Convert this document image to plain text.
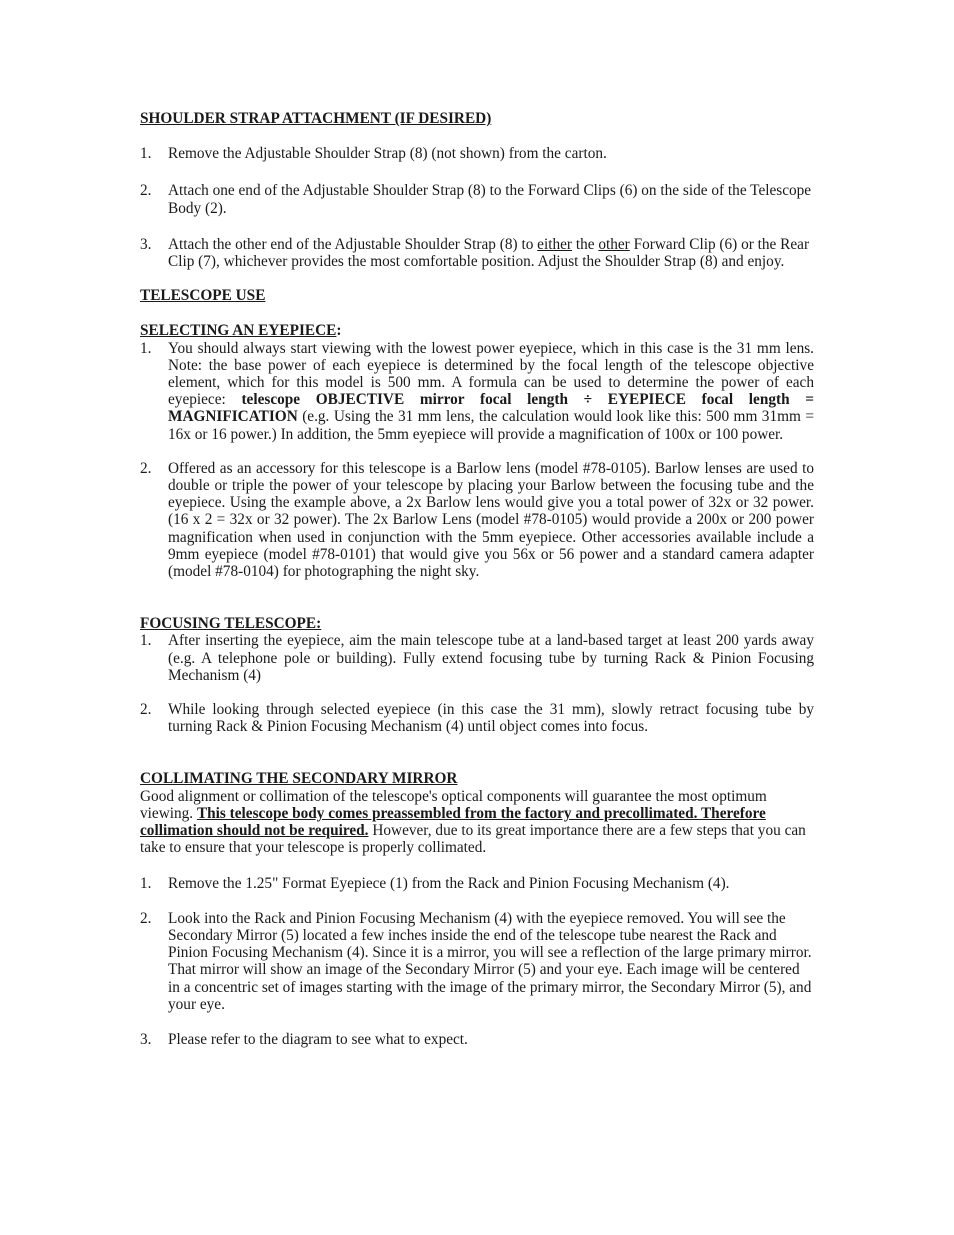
SHOULDER STRAP ATTACHMENT (IF DESIRED)
1. Remove the Adjustable Shoulder Strap (8) (not shown) from the carton.
2. Attach one end of the Adjustable Shoulder Strap (8) to the Forward Clips (6) on the side of the Telescope Body (2).
3. Attach the other end of the Adjustable Shoulder Strap (8) to either the other Forward Clip (6) or the Rear Clip (7), whichever provides the most comfortable position. Adjust the Shoulder Strap (8) and enjoy.
TELESCOPE USE
SELECTING AN EYEPIECE:
1. You should always start viewing with the lowest power eyepiece, which in this case is the 31 mm lens. Note: the base power of each eyepiece is determined by the focal length of the telescope objective element, which for this model is 500 mm. A formula can be used to determine the power of each eyepiece: telescope OBJECTIVE mirror focal length ÷ EYEPIECE focal length = MAGNIFICATION (e.g. Using the 31 mm lens, the calculation would look like this: 500 mm 31mm = 16x or 16 power.) In addition, the 5mm eyepiece will provide a magnification of 100x or 100 power.
2. Offered as an accessory for this telescope is a Barlow lens (model #78-0105). Barlow lenses are used to double or triple the power of your telescope by placing your Barlow between the focusing tube and the eyepiece. Using the example above, a 2x Barlow lens would give you a total power of 32x or 32 power. (16 x 2 = 32x or 32 power). The 2x Barlow Lens (model #78-0105) would provide a 200x or 200 power magnification when used in conjunction with the 5mm eyepiece. Other accessories available include a 9mm eyepiece (model #78-0101) that would give you 56x or 56 power and a standard camera adapter (model #78-0104) for photographing the night sky.
FOCUSING TELESCOPE:
1. After inserting the eyepiece, aim the main telescope tube at a land-based target at least 200 yards away (e.g. A telephone pole or building). Fully extend focusing tube by turning Rack & Pinion Focusing Mechanism (4)
2. While looking through selected eyepiece (in this case the 31 mm), slowly retract focusing tube by turning Rack & Pinion Focusing Mechanism (4) until object comes into focus.
COLLIMATING THE SECONDARY MIRROR
Good alignment or collimation of the telescope's optical components will guarantee the most optimum viewing. This telescope body comes preassembled from the factory and precollimated. Therefore collimation should not be required. However, due to its great importance there are a few steps that you can take to ensure that your telescope is properly collimated.
1. Remove the 1.25" Format Eyepiece (1) from the Rack and Pinion Focusing Mechanism (4).
2. Look into the Rack and Pinion Focusing Mechanism (4) with the eyepiece removed. You will see the Secondary Mirror (5) located a few inches inside the end of the telescope tube nearest the Rack and Pinion Focusing Mechanism (4). Since it is a mirror, you will see a reflection of the large primary mirror. That mirror will show an image of the Secondary Mirror (5) and your eye. Each image will be centered in a concentric set of images starting with the image of the primary mirror, the Secondary Mirror (5), and your eye.
3. Please refer to the diagram to see what to expect.
